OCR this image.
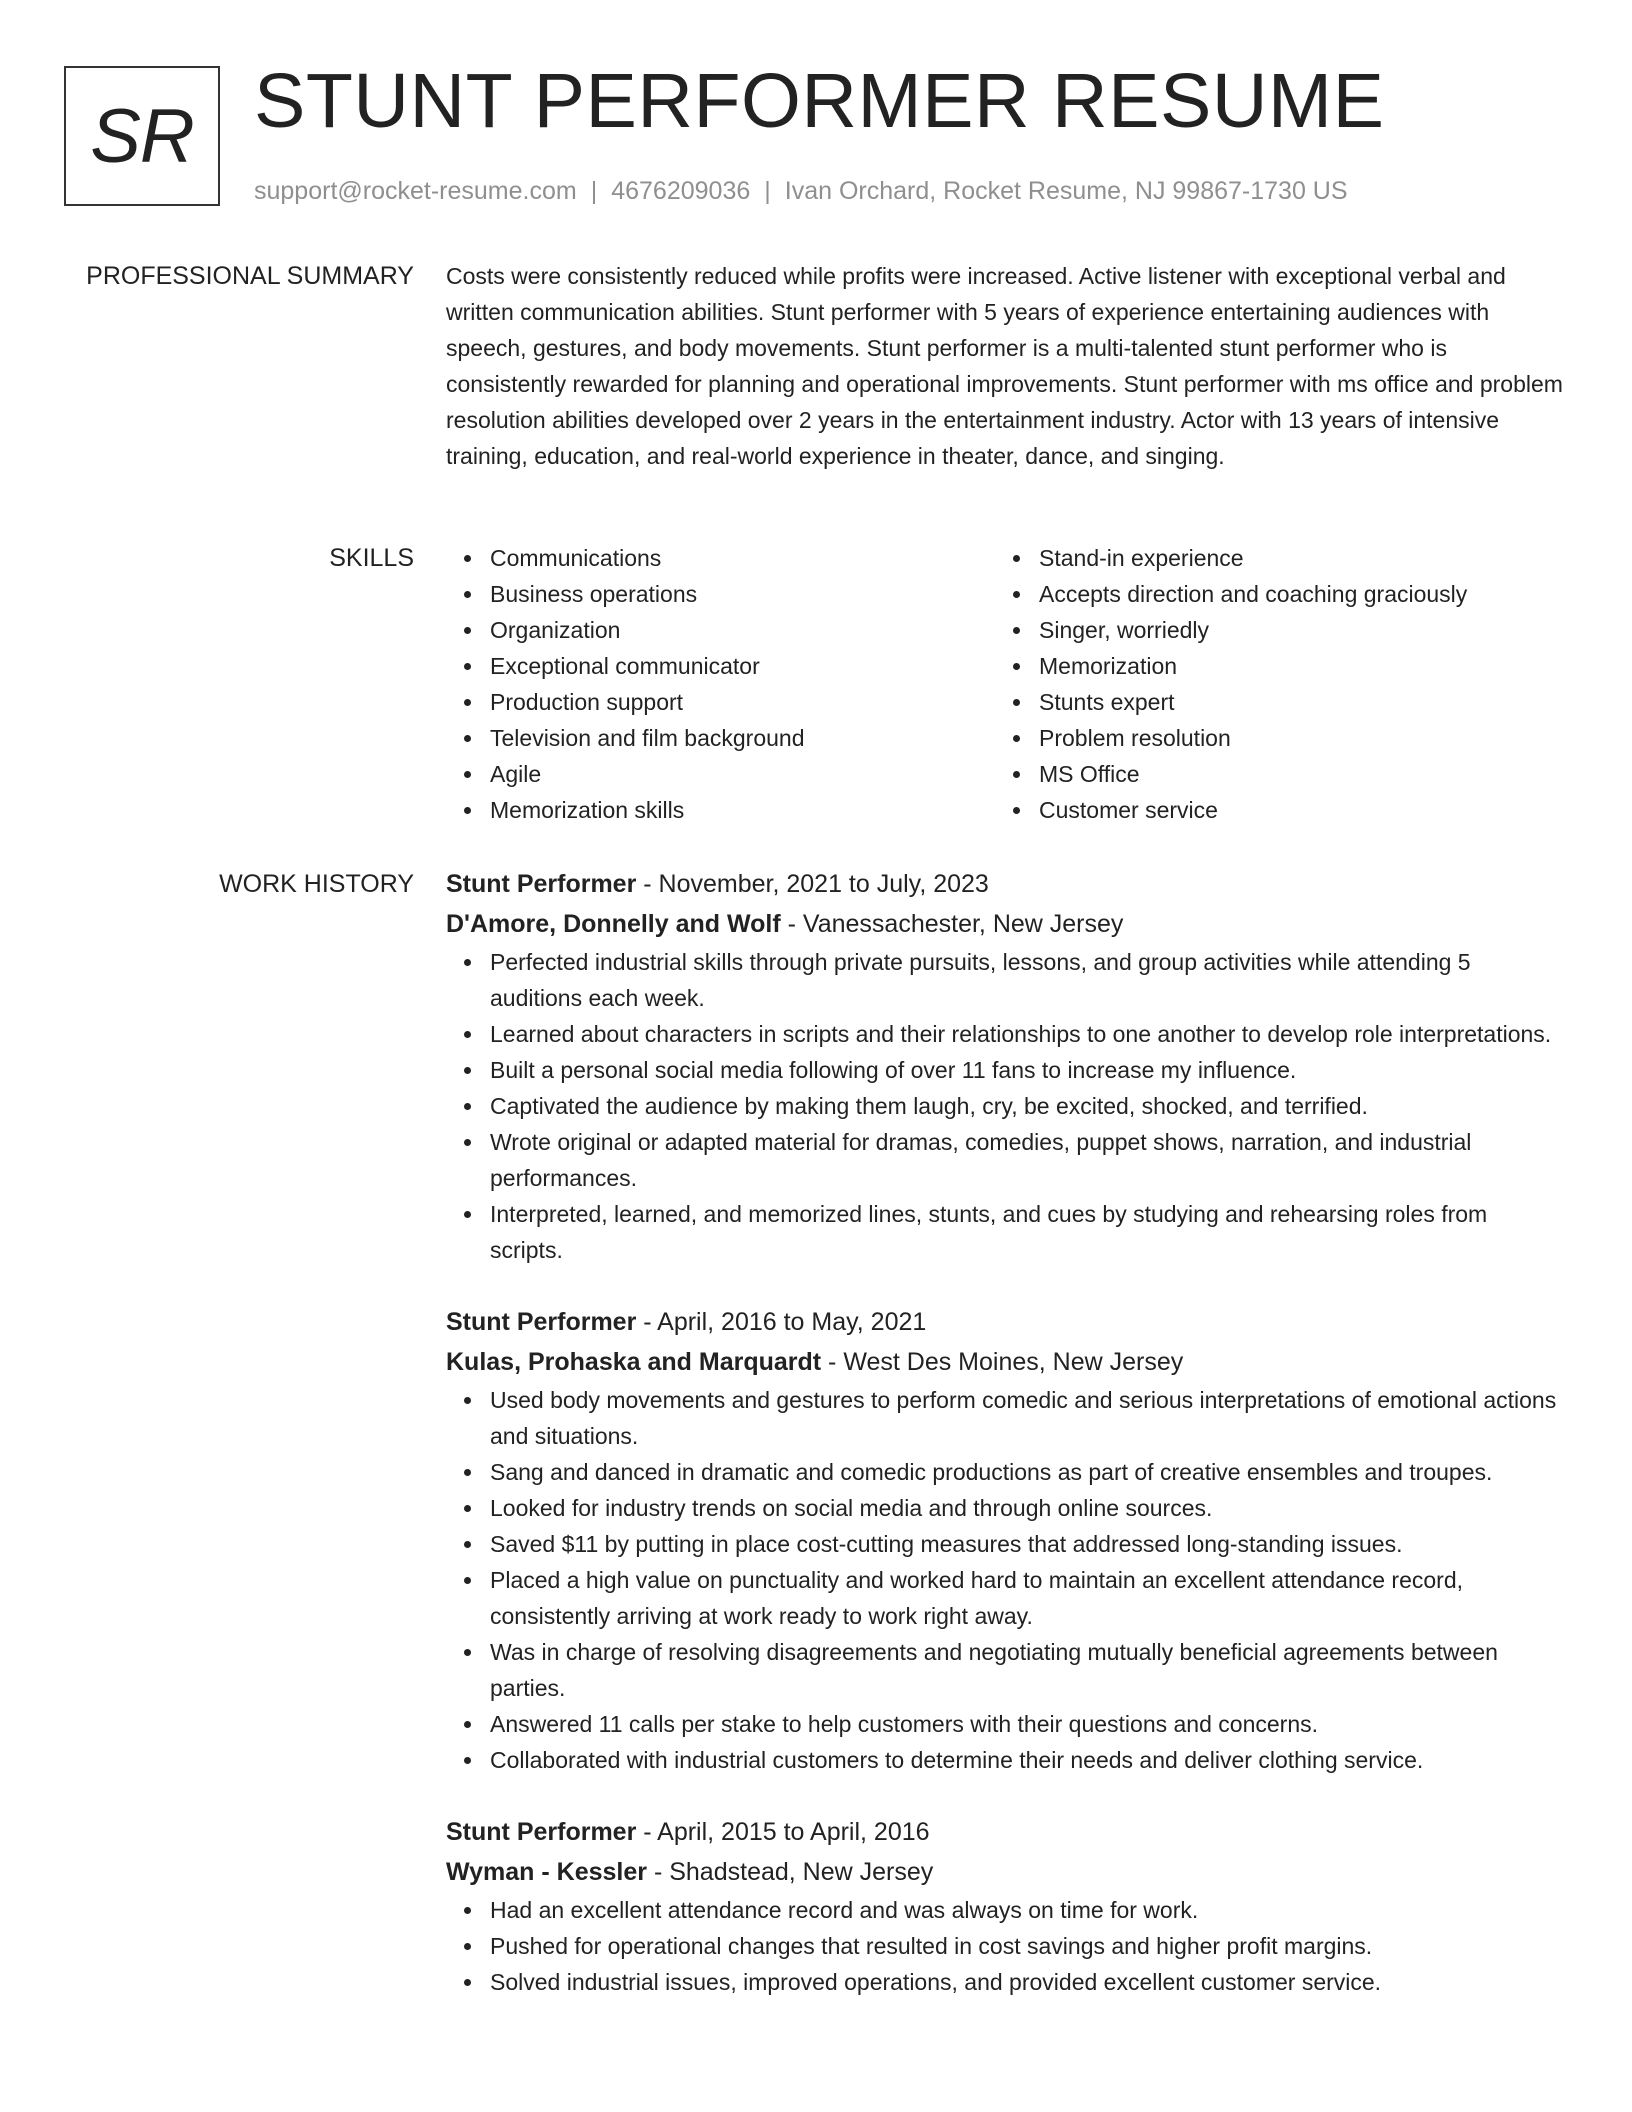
SR STUNT PERFORMER RESUME
support@rocket-resume.com | 4676209036 | Ivan Orchard, Rocket Resume, NJ 99867-1730 US
PROFESSIONAL SUMMARY Costs were consistently reduced while profits were increased. Active listener with exceptional verbal and written communication abilities. Stunt performer with 5 years of experience entertaining audiences with speech, gestures, and body movements. Stunt performer is a multi-talented stunt performer who is consistently rewarded for planning and operational improvements. Stunt performer with ms office and problem resolution abilities developed over 2 years in the entertainment industry. Actor with 13 years of intensive training, education, and real-world experience in theater, dance, and singing.

SKILLS	Communications
Business operations
Organization
Exceptional communicator
Production support
Television and film background
Agile
Memorization skills
Stand-in experience
Accepts direction and coaching graciously
Singer, worriedly
Memorization
Stunts expert
Problem resolution
MS Office
Customer service
WORK HISTORY Stunt Performer - November, 2021 to July, 2023
D'Amore, Donnelly and Wolf - Vanessachester, New Jersey
Perfected industrial skills through private pursuits, lessons, and group activities while attending 5 auditions each week.
Learned about characters in scripts and their relationships to one another to develop role interpretations.
Built a personal social media following of over 11 fans to increase my influence.
Captivated the audience by making them laugh, cry, be excited, shocked, and terrified.
Wrote original or adapted material for dramas, comedies, puppet shows, narration, and industrial performances.
Interpreted, learned, and memorized lines, stunts, and cues by studying and rehearsing roles from scripts.
Stunt Performer - April, 2016 to May, 2021
Kulas, Prohaska and Marquardt - West Des Moines, New Jersey
Used body movements and gestures to perform comedic and serious interpretations of emotional actions and situations.
Sang and danced in dramatic and comedic productions as part of creative ensembles and troupes.
Looked for industry trends on social media and through online sources.
Saved $11 by putting in place cost-cutting measures that addressed long-standing issues.
Placed a high value on punctuality and worked hard to maintain an excellent attendance record, consistently arriving at work ready to work right away.
Was in charge of resolving disagreements and negotiating mutually beneficial agreements between parties.
Answered 11 calls per stake to help customers with their questions and concerns.
Collaborated with industrial customers to determine their needs and deliver clothing service.
Stunt Performer - April, 2015 to April, 2016
Wyman - Kessler - Shadstead, New Jersey
Had an excellent attendance record and was always on time for work.
Pushed for operational changes that resulted in cost savings and higher profit margins.
Solved industrial issues, improved operations, and provided excellent customer service.
